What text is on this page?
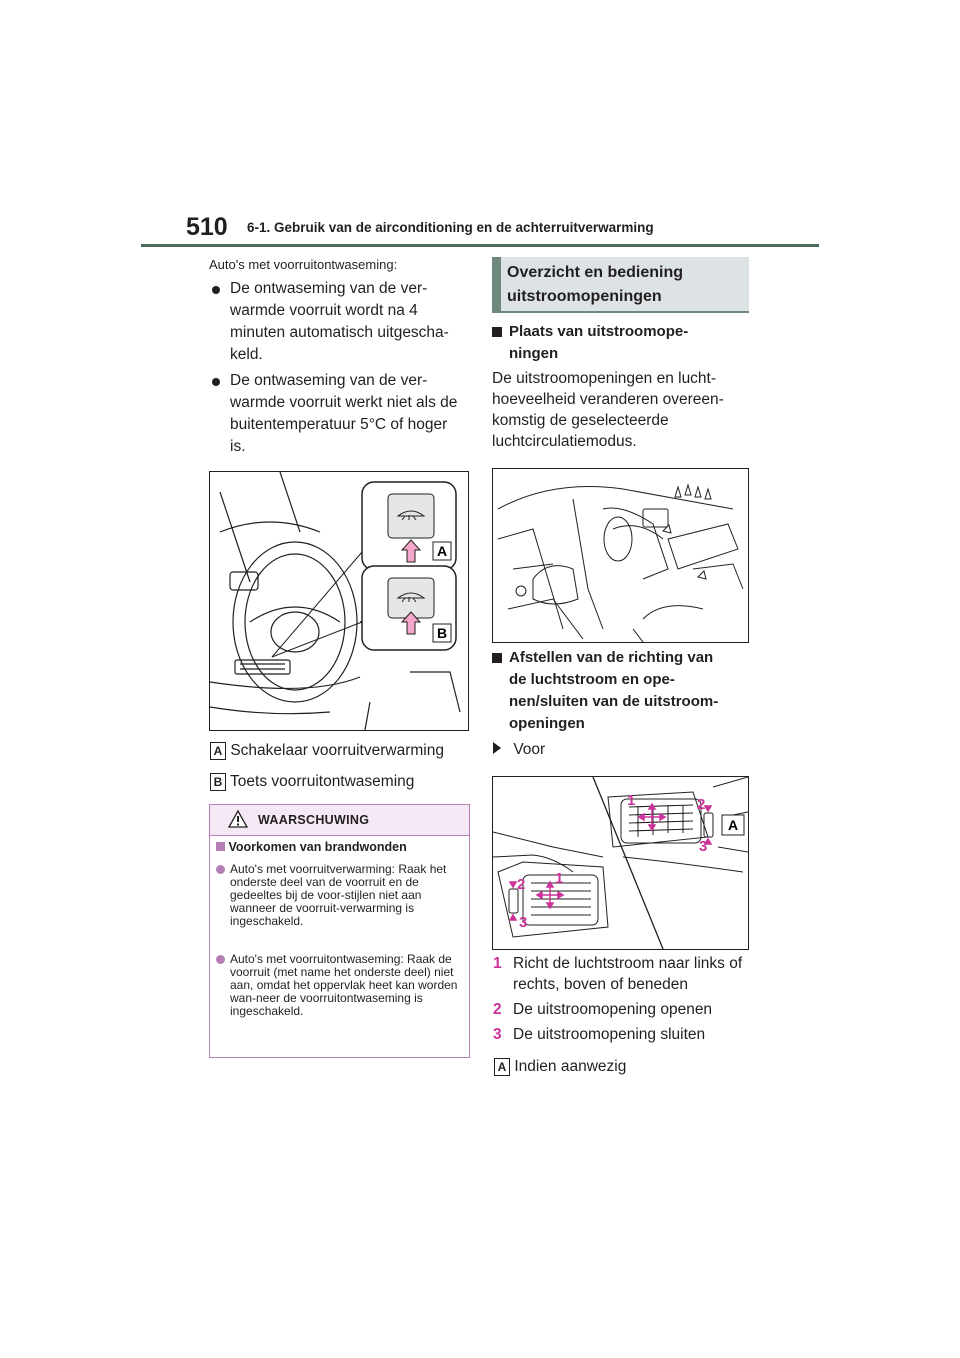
510 6-1. Gebruik van de airconditioning en de achterruitverwarming
Auto's met voorruitontwaseming:
De ontwaseming van de ver-warmde voorruit wordt na 4 minuten automatisch uitgescha-keld.
De ontwaseming van de ver-warmde voorruit werkt niet als de buitentemperatuur 5°C of hoger is.
A
B
A Schakelaar voorruitverwarming
B Toets voorruitontwaseming
WAARSCHUWING
Voorkomen van brandwonden
Auto's met voorruitverwarming: Raak het onderste deel van de voorruit en de gedeeltes bij de voor-stijlen niet aan wanneer de voorruit-verwarming is ingeschakeld.
Auto's met voorruitontwaseming: Raak de voorruit (met name het onderste deel) niet aan, omdat het oppervlak heet kan worden wan-neer de voorruitontwaseming is ingeschakeld.
Overzicht en bediening uitstroomopeningen
Plaats van uitstroomope-ningen
De uitstroomopeningen en lucht-hoeveelheid veranderen overeen-komstig de geselecteerde luchtcirculatiemodus.
Afstellen van de richting van de luchtstroom en ope-nen/sluiten van de uitstroom-openingen
Voor
1	2
3
1
2
3
A
1 Richt de luchtstroom naar links of rechts, boven of beneden
2 De uitstroomopening openen
3 De uitstroomopening sluiten
A Indien aanwezig
